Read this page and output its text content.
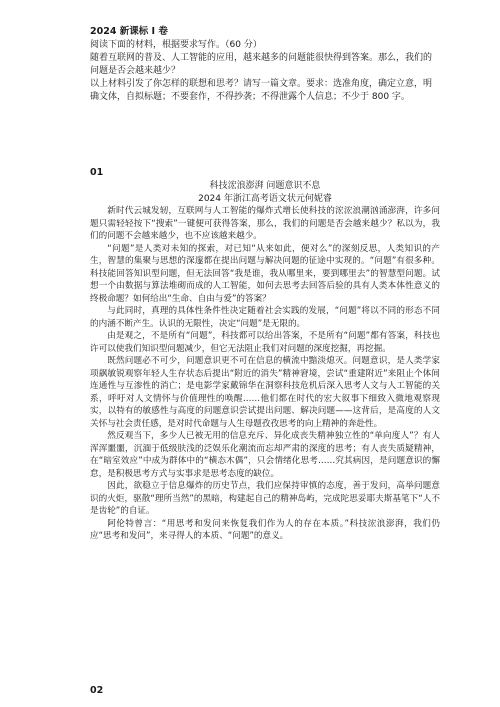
2024 新课标 I 卷

阅读下面的材料，根据要求写作。（60 分）

随着互联网的普及、人工智能的应用，越来越多的问题能很快得到答案。那么，我们的问题是否会越来越少？

以上材料引发了你怎样的联想和思考？请写一篇文章。要求：选准角度，确定立意，明确文体，自拟标题；不要套作，不得抄袭；不得泄露个人信息；不少于 800 字。

01

科技浤浪澎湃 问题意识不息

2024 年浙江高考语文状元何妮睿

新时代云城发轫，互联网与人工智能的爆炸式增长使科技的浤浤浪潮汹涌澎湃，许多问题只需轻轻按下“搜索”一键便可获得答案，那么，我们的问题是否会越来越少？私以为，我们的问题不会越来越少，也不应该越来越少。

“问题”是人类对未知的探索，对已知“从来如此，便对么”的深刻反思，人类知识的产生，智慧的集聚与思想的深邃都在提出问题与解决问题的征途中实现的。“问题”有很多种。科技能回答知识型问题，但无法回答“我是谁，我从哪里来，要到哪里去”的智慧型问题。试想一个由数据与算法堆砌而成的人工智能，如何去思考去回答后验的具有人类本体性意义的终极命题？如何给出“生命、自由与爱”的答案？

与此同时，真理的具体性条件性决定随着社会实践的发展，“问题”将以不同的形态不同的内涵不断产生。认识的无限性，决定“问题”是无限的。

由是观之，不是所有“问题”，科技都可以给出答案，不是所有“问题”都有答案，科技也许可以使我们知识型问题减少，但它无法阻止我们对问题的深度挖掘，再挖掘。

既然问题必不可少，问题意识更不可在信息的横流中黯淡熄灭。问题意识，是人类学家项飙敏锐观察年轻人生存状态后提出“附近的消失”精神窘境，尝试“重建附近”来阻止个体间连通性与互渗性的消亡；是电影学家戴锦华在洞察科技危机后深入思考人文与人工智能的关系，呼吁对人文情怀与价值理性的唤醒……他们都在时代的宏大叙事下细致入微地观察现实，以特有的敏感性与高度的问题意识尝试提出问题、解决问题——这背后，是高度的人文关怀与社会责任感，是对时代命题与人生母题孜孜思考的向上精神的奔赴性。

然反观当下，多少人已被无用的信息充斥、异化成丧失精神独立性的“单向度人”？有人浑浑噩噩，沉湎于低级肤浅的泛娱乐化潮流而忘却严肃的深度的思考；有人丧失质疑精神，在“暗室效应”中成为群体中的“横态木偶”，只会情绪化思考……究其病因，是问题意识的懈怠，是积极思考方式与实事求是思考态度的缺位。

因此，欲稳立于信息爆炸的历史节点，我们应保持审慎的态度，善于发问，高举问题意识的火炬，驱散“理所当然”的黑暗，构建起自己的精神岛屿，完成陀思妥耶夫斯基笔下“人不是齿轮”的自证。

阿伦特曾言：“用思考和发问来恢复我们作为人的存在本质。”科技浤浪澎湃，我们仍应“思考和发问”，来寻得人的本质、“问题”的意义。

02
